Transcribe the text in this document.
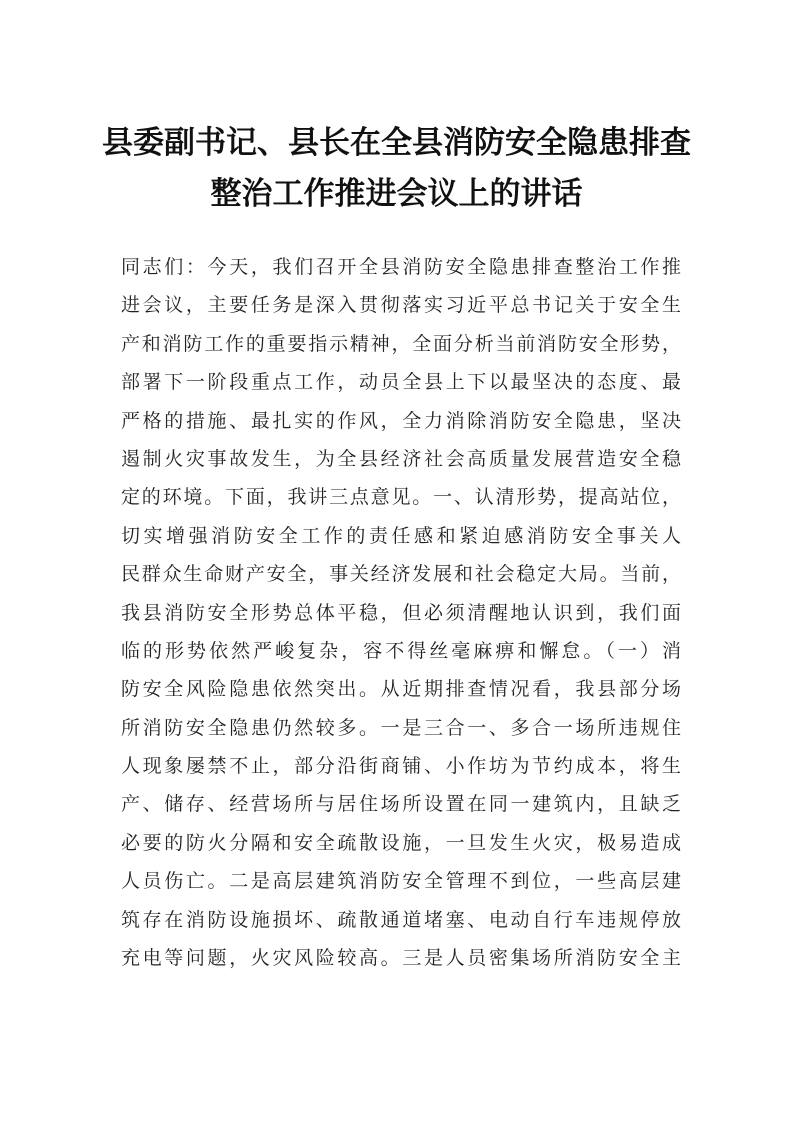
县委副书记、县长在全县消防安全隐患排查
整治工作推进会议上的讲话
同志们：今天，我们召开全县消防安全隐患排查整治工作推
进会议，主要任务是深入贯彻落实习近平总书记关于安全生
产和消防工作的重要指示精神，全面分析当前消防安全形势，
部署下一阶段重点工作，动员全县上下以最坚决的态度、最
严格的措施、最扎实的作风，全力消除消防安全隐患，坚决
遏制火灾事故发生，为全县经济社会高质量发展营造安全稳
定的环境。下面，我讲三点意见。一、认清形势，提高站位，
切实增强消防安全工作的责任感和紧迫感消防安全事关人
民群众生命财产安全，事关经济发展和社会稳定大局。当前，
我县消防安全形势总体平稳，但必须清醒地认识到，我们面
临的形势依然严峻复杂，容不得丝毫麻痹和懈怠。（一）消
防安全风险隐患依然突出。从近期排查情况看，我县部分场
所消防安全隐患仍然较多。一是三合一、多合一场所违规住
人现象屡禁不止，部分沿街商铺、小作坊为节约成本，将生
产、储存、经营场所与居住场所设置在同一建筑内，且缺乏
必要的防火分隔和安全疏散设施，一旦发生火灾，极易造成
人员伤亡。二是高层建筑消防安全管理不到位，一些高层建
筑存在消防设施损坏、疏散通道堵塞、电动自行车违规停放
充电等问题，火灾风险较高。三是人员密集场所消防安全主
